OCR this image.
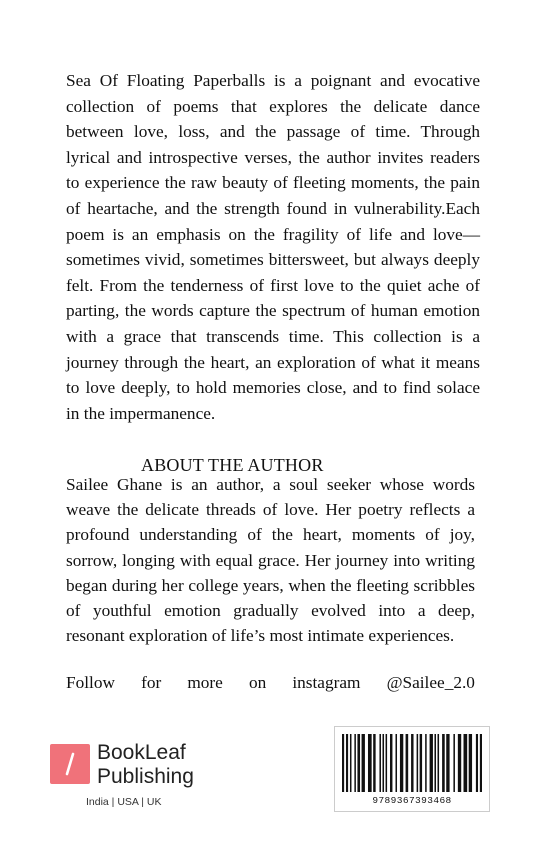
Sea Of Floating Paperballs is a poignant and evocative collection of poems that explores the delicate dance between love, loss, and the passage of time. Through lyrical and introspective verses, the author invites readers to experience the raw beauty of fleeting moments, the pain of heartache, and the strength found in vulnerability.Each poem is an emphasis on the fragility of life and love—sometimes vivid, sometimes bittersweet, but always deeply felt. From the tenderness of first love to the quiet ache of parting, the words capture the spectrum of human emotion with a grace that transcends time. This collection is a journey through the heart, an exploration of what it means to love deeply, to hold memories close, and to find solace in the impermanence.

ABOUT THE AUTHOR

Sailee Ghane is an author, a soul seeker whose words weave the delicate threads of love. Her poetry reflects a profound understanding of the heart, moments of joy, sorrow, longing with equal grace. Her journey into writing began during her college years, when the fleeting scribbles of youthful emotion gradually evolved into a deep, resonant exploration of life’s most intimate experiences.

Follow for more on instagram @Sailee_2.0

BookLeaf
Publishing
India | USA | UK	9789367393468
